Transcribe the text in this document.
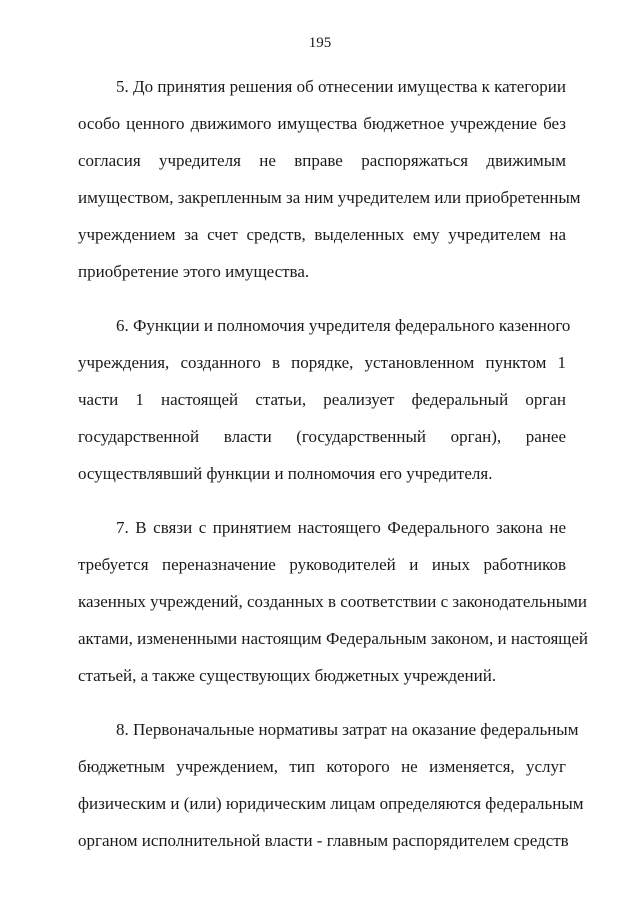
195
5. До принятия решения об отнесении имущества к категории
особо ценного движимого имущества бюджетное учреждение без
согласия учредителя не вправе распоряжаться движимым
имуществом, закрепленным за ним учредителем или приобретенным
учреждением за счет средств, выделенных ему учредителем на
приобретение этого имущества.
6. Функции и полномочия учредителя федерального казенного
учреждения, созданного в порядке, установленном пунктом 1
части 1 настоящей статьи, реализует федеральный орган
государственной власти (государственный орган), ранее
осуществлявший функции и полномочия его учредителя.
7. В связи с принятием настоящего Федерального закона не
требуется переназначение руководителей и иных работников
казенных учреждений, созданных в соответствии с законодательными
актами, измененными настоящим Федеральным законом, и настоящей
статьей, а также существующих бюджетных учреждений.
8. Первоначальные нормативы затрат на оказание федеральным
бюджетным учреждением, тип которого не изменяется, услуг
физическим и (или) юридическим лицам определяются федеральным
органом исполнительной власти - главным распорядителем средств
